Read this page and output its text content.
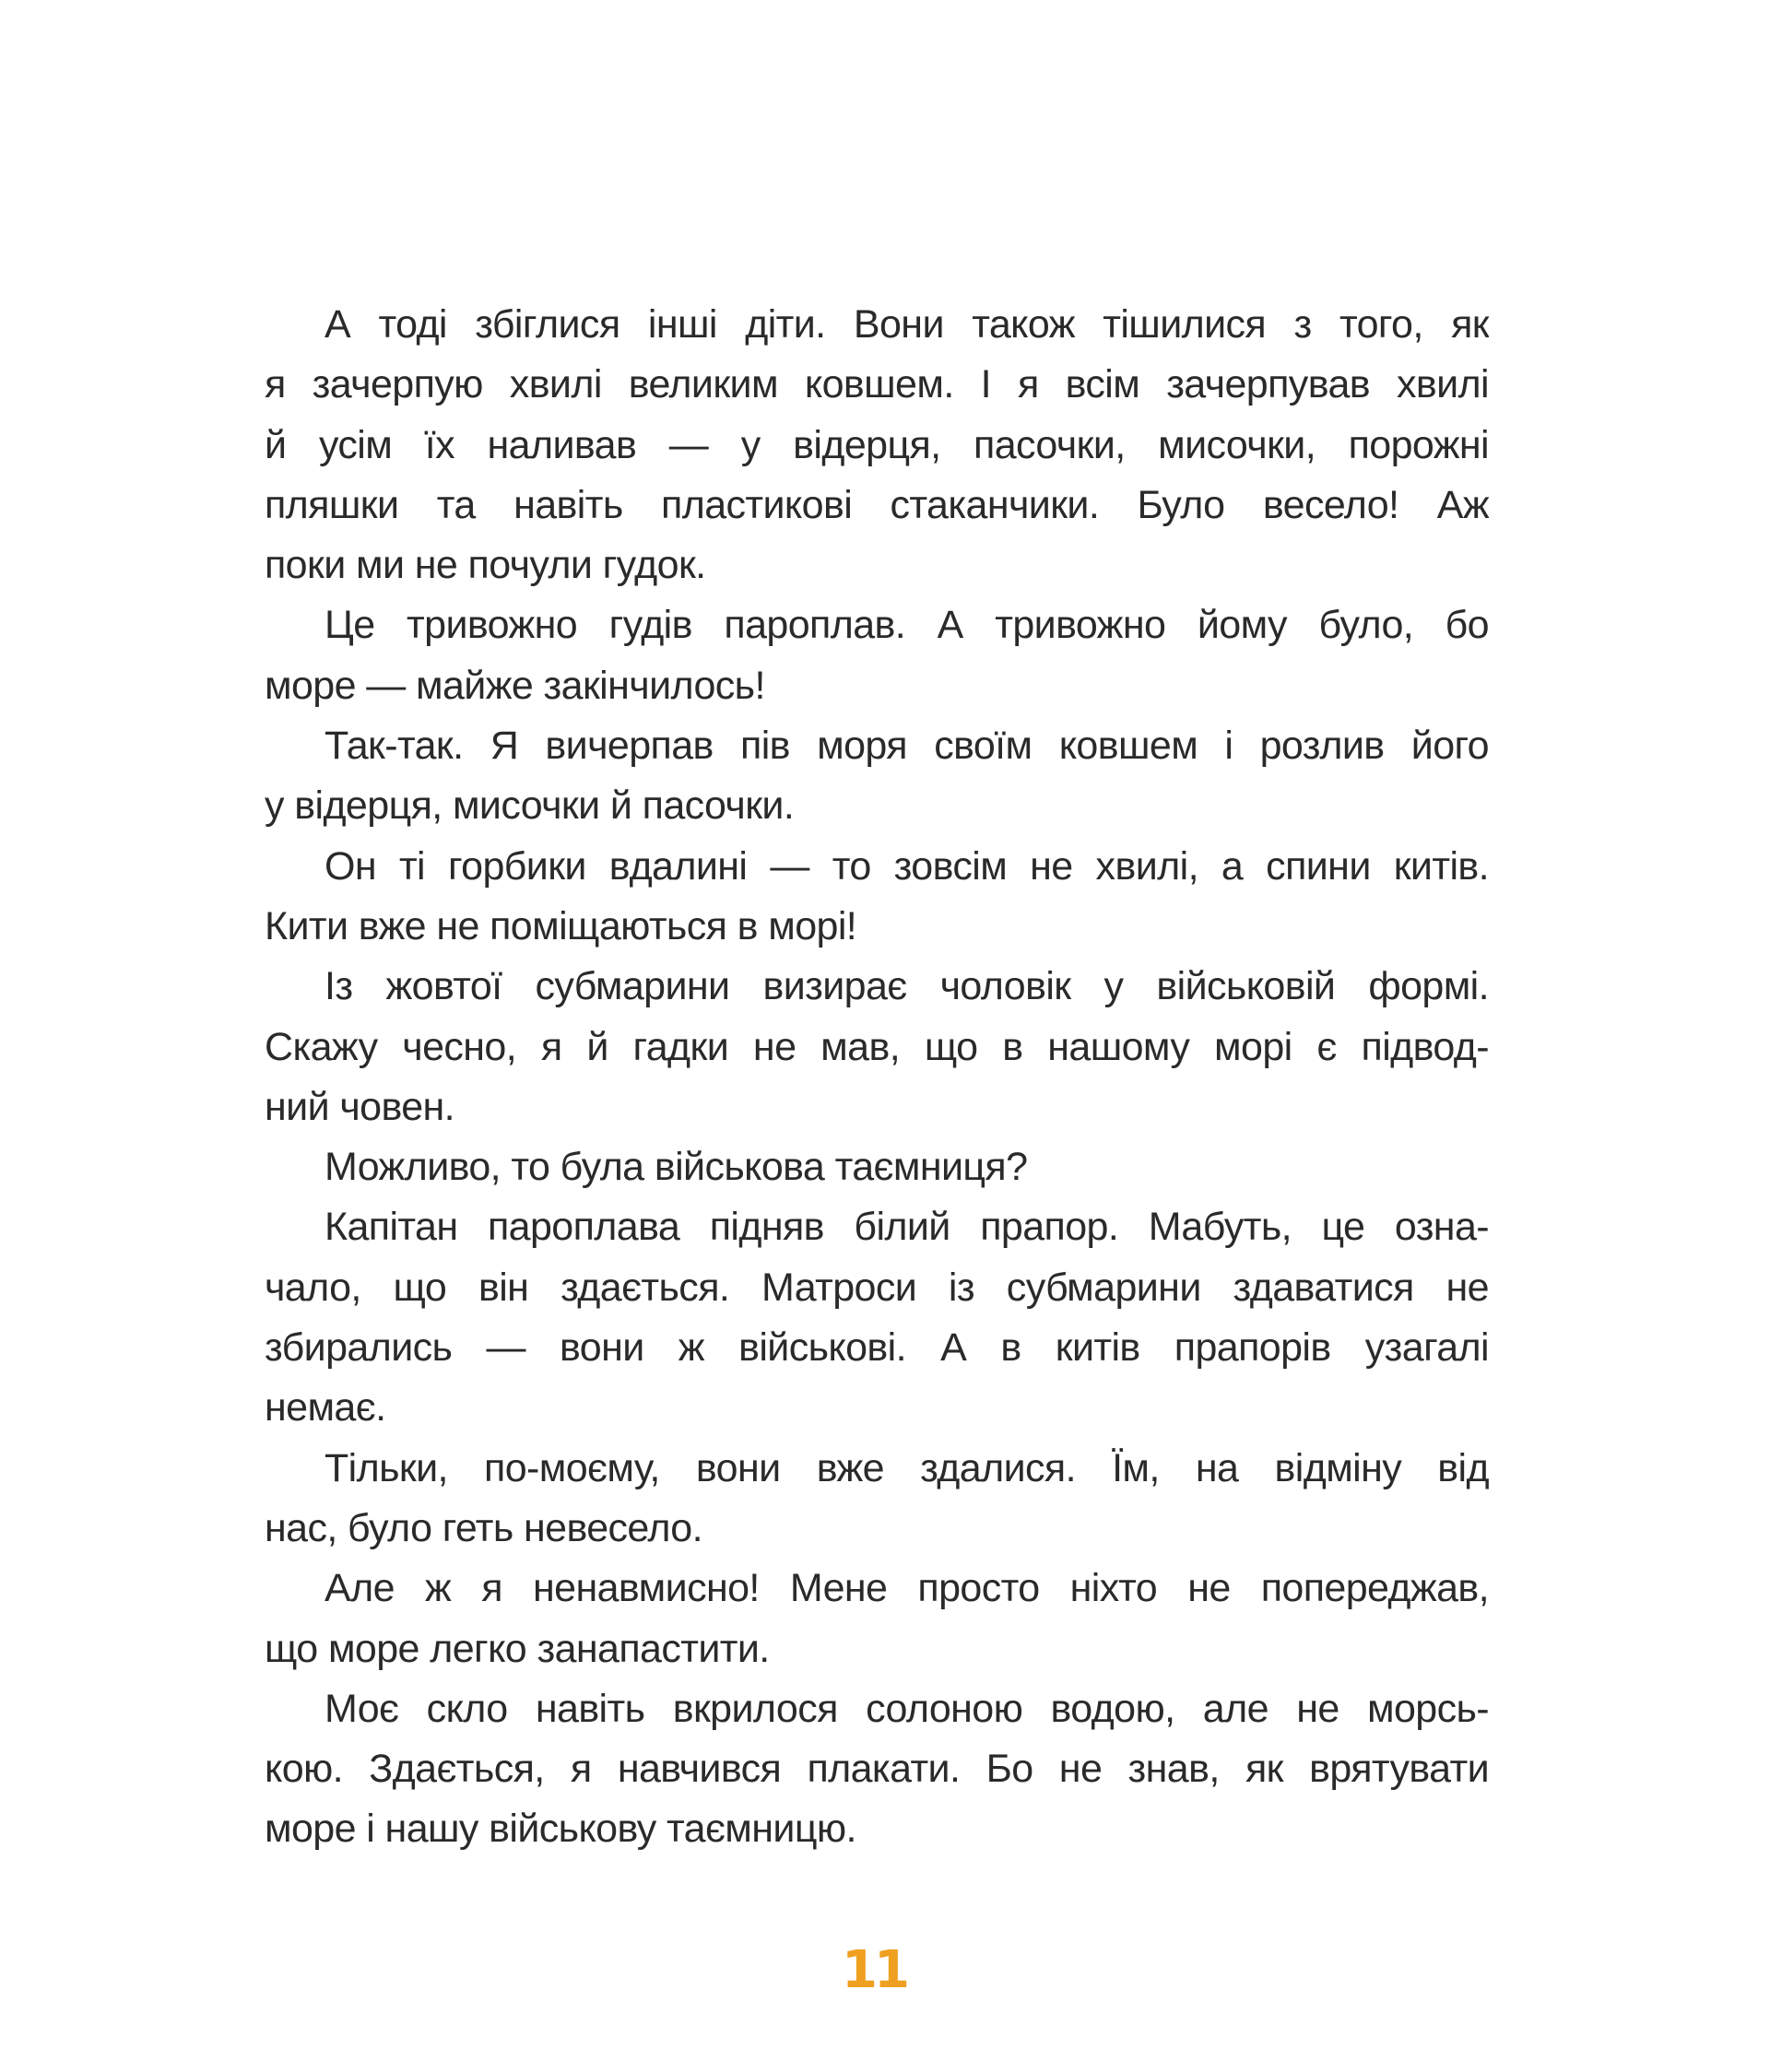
А тоді збіглися інші діти. Вони також тішилися з того, як
я зачерпую хвилі великим ковшем. І я всім зачерпував хвилі
й усім їх наливав — у відерця, пасочки, мисочки, порожні
пляшки та навіть пластикові стаканчики. Було весело! Аж
поки ми не почули гудок.
Це тривожно гудів пароплав. А тривожно йому було, бо
море — майже закінчилось!
Так-так. Я вичерпав пів моря своїм ковшем і розлив його
у відерця, мисочки й пасочки.
Он ті горбики вдалині — то зовсім не хвилі, а спини китів.
Кити вже не поміщаються в морі!
Із жовтої субмарини визирає чоловік у військовій формі.
Скажу чесно, я й гадки не мав, що в нашому морі є підвод-
ний човен.
Можливо, то була військова таємниця?
Капітан пароплава підняв білий прапор. Мабуть, це озна-
чало, що він здається. Матроси із субмарини здаватися не
збирались — вони ж військові. А в китів прапорів узагалі
немає.
Тільки, по-моєму, вони вже здалися. Їм, на відміну від
нас, було геть невесело.
Але ж я ненавмисно! Мене просто ніхто не попереджав,
що море легко занапастити.
Моє скло навіть вкрилося солоною водою, але не морсь-
кою. Здається, я навчився плакати. Бо не знав, як врятувати
море і нашу військову таємницю.
11
